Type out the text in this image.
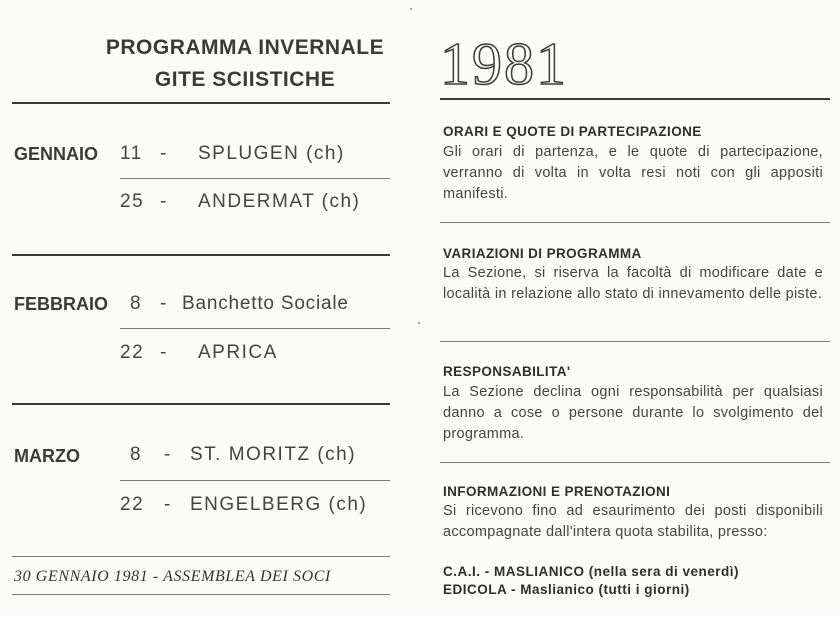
PROGRAMMA INVERNALE
GITE SCIISTICHE
GENNAIO 11 - SPLUGEN (ch)
25 - ANDERMAT (ch)
FEBBRAIO 8 - Banchetto Sociale
22 - APRICA
MARZO	8 - ST. MORITZ (ch)
22 - ENGELBERG (ch)
30 GENNAIO 1981 - ASSEMBLEA DEI SOCI
1981
ORARI E QUOTE DI PARTECIPAZIONE
Gli orari di partenza, e le quote di partecipazione, verranno di volta in volta resi noti con gli appositi manifesti.
VARIAZIONI DI PROGRAMMA
La Sezione, si riserva la facoltà di modificare date e località in relazione allo stato di innevamento delle piste.
RESPONSABILITA'
La Sezione declina ogni responsabilità per qualsiasi danno a cose o persone durante lo svolgimento del programma.
INFORMAZIONI E PRENOTAZIONI
Si ricevono fino ad esaurimento dei posti disponibili accompagnate dall'intera quota stabilita, presso:
C.A.I. - MASLIANICO (nella sera di venerdì)
EDICOLA - Maslianico (tutti i giorni)
